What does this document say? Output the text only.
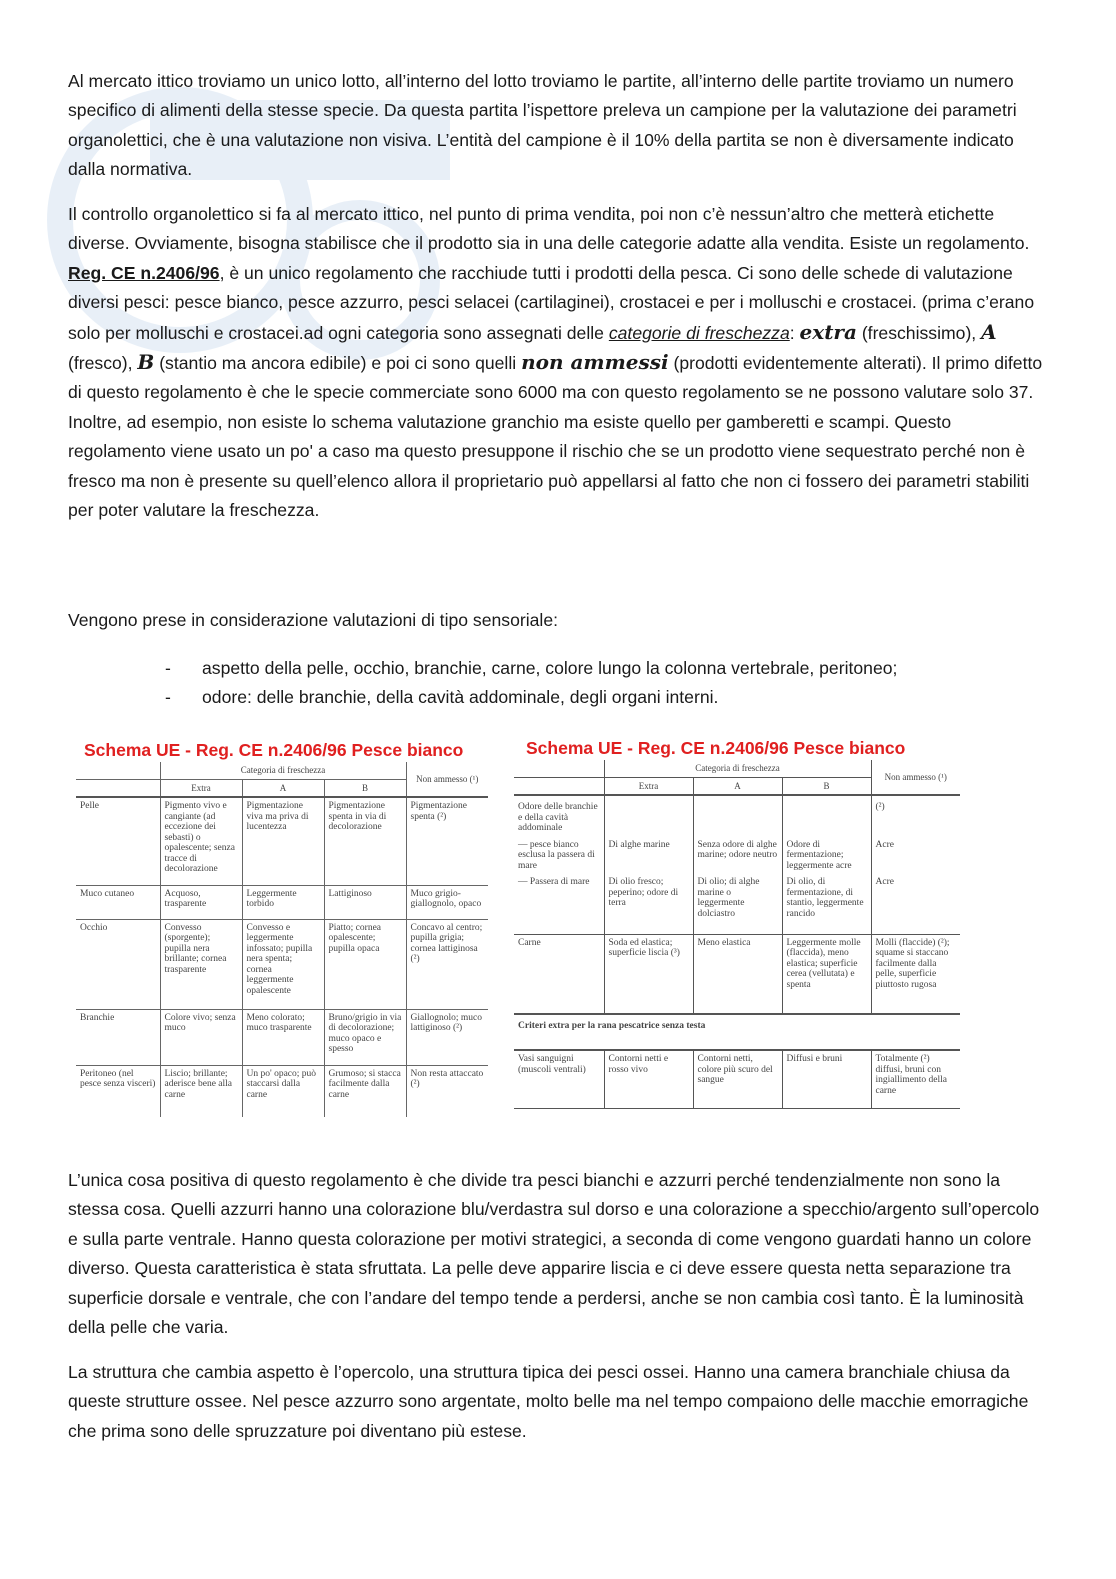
Al mercato ittico troviamo un unico lotto, all’interno del lotto troviamo le partite, all’interno delle partite troviamo un numero specifico di alimenti della stesse specie. Da questa partita l’ispettore preleva un campione per la valutazione dei parametri organolettici, che è una valutazione non visiva. L’entità del campione è il 10% della partita se non è diversamente indicato dalla normativa.

Il controllo organolettico si fa al mercato ittico, nel punto di prima vendita, poi non c’è nessun’altro che metterà etichette diverse. Ovviamente, bisogna stabilisce che il prodotto sia in una delle categorie adatte alla vendita. Esiste un regolamento. Reg. CE n.2406/96, è un unico regolamento che racchiude tutti i prodotti della pesca. Ci sono delle schede di valutazione diversi pesci: pesce bianco, pesce azzurro, pesci selacei (cartilaginei), crostacei e per i molluschi e crostacei. (prima c’erano solo per molluschi e crostacei.ad ogni categoria sono assegnati delle categorie di freschezza: extra (freschissimo), A (fresco), B (stantio ma ancora edibile) e poi ci sono quelli non ammessi (prodotti evidentemente alterati). Il primo difetto di questo regolamento è che le specie commerciate sono 6000 ma con questo regolamento se ne possono valutare solo 37. Inoltre, ad esempio, non esiste lo schema valutazione granchio ma esiste quello per gamberetti e scampi. Questo regolamento viene usato un po' a caso ma questo presuppone il rischio che se un prodotto viene sequestrato perché non è fresco ma non è presente su quell’elenco allora il proprietario può appellarsi al fatto che non ci fossero dei parametri stabiliti per poter valutare la freschezza.

Vengono prese in considerazione valutazioni di tipo sensoriale:

- aspetto della pelle, occhio, branchie, carne, colore lungo la colonna vertebrale, peritoneo;
- odore: delle branchie, della cavità addominale, degli organi interni.
Schema UE - Reg. CE n.2406/96 Pesce bianco
	Categoria di freschezza			Non ammesso (¹)
	Extra	A	B	
Pelle	Pigmento vivo e cangiante (ad eccezione dei sebasti) o opalescente; senza tracce di decolorazione	Pigmentazione viva ma priva di lucentezza	Pigmentazione spenta in via di decolorazione	Pigmentazione spenta (²)
Muco cutaneo	Acquoso, trasparente	Leggermente torbido	Lattiginoso	Muco grigio-giallognolo, opaco
Occhio	Convesso (sporgente); pupilla nera brillante; cornea trasparente	Convesso e leggermente infossato; pupilla nera spenta; cornea leggermente opalescente	Piatto; cornea opalescente; pupilla opaca	Concavo al centro; pupilla grigia; cornea lattiginosa (²)
Branchie	Colore vivo; senza muco	Meno colorato; muco trasparente	Bruno/grigio in via di decolorazione; muco opaco e spesso	Giallognolo; muco lattiginoso (²)
Peritoneo (nel pesce senza visceri)	Liscio; brillante; aderisce bene alla carne	Un po' opaco; può staccarsi dalla carne	Grumoso; si stacca facilmente dalla carne	Non resta attaccato (²)
Schema UE - Reg. CE n.2406/96 Pesce bianco
	Categoria di freschezza			Non ammesso (¹)
	Extra	A	B	
Odore delle branchie e della cavità addominale				(²)
— pesce bianco esclusa la passera di mare	Di alghe marine	Senza odore di alghe marine; odore neutro	Odore di fermentazione; leggermente acre	Acre
— Passera di mare	Di olio fresco; peperino; odore di terra	Di olio; di alghe marine o leggermente dolciastro	Di olio, di fermentazione, di stantio, leggermente rancido	Acre
Carne	Soda ed elastica; superficie liscia (³)	Meno elastica	Leggermente molle (flaccida), meno elastica; superficie cerea (vellutata) e spenta	Molli (flaccide) (²); squame si staccano facilmente dalla pelle, superficie piuttosto rugosa
Criteri extra per la rana pescatrice senza testa				
Vasi sanguigni (muscoli ventrali)	Contorni netti e rosso vivo	Contorni netti, colore più scuro del sangue	Diffusi e bruni	Totalmente (²) diffusi, bruni con ingiallimento della carne

L’unica cosa positiva di questo regolamento è che divide tra pesci bianchi e azzurri perché tendenzialmente non sono la stessa cosa. Quelli azzurri hanno una colorazione blu/verdastra sul dorso e una colorazione a specchio/argento sull’opercolo e sulla parte ventrale. Hanno questa colorazione per motivi strategici, a seconda di come vengono guardati hanno un colore diverso. Questa caratteristica è stata sfruttata. La pelle deve apparire liscia e ci deve essere questa netta separazione tra superficie dorsale e ventrale, che con l’andare del tempo tende a perdersi, anche se non cambia così tanto. È la luminosità della pelle che varia.

La struttura che cambia aspetto è l’opercolo, una struttura tipica dei pesci ossei. Hanno una camera branchiale chiusa da queste strutture ossee. Nel pesce azzurro sono argentate, molto belle ma nel tempo compaiono delle macchie emorragiche che prima sono delle spruzzature poi diventano più estese.
